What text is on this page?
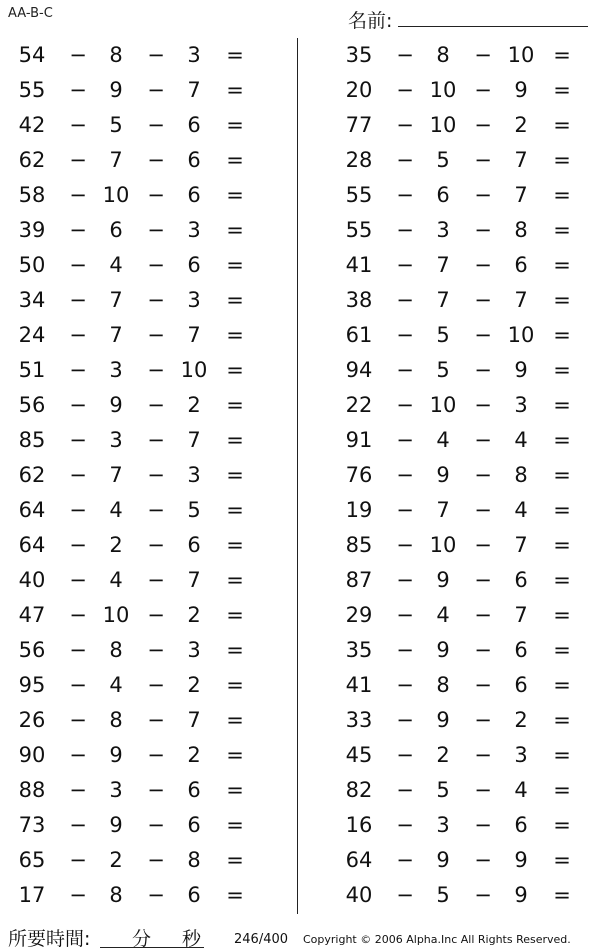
AA-B-C	名前:
54	−	8	−	3	=
55	−	9	−	7	=
42	−	5	−	6	=
62	−	7	−	6	=
58	− 10 −	6	=
39	−	6	−	3	=
50	−	4	−	6	=
34	−	7	−	3	=
24	−	7	−	7	=
51	−	3	− 10 =
56	−	9	−	2	=
85	−	3	−	7	=
62	−	7	−	3	=
64	−	4	−	5	=
64	−	2	−	6	=
40	−	4	−	7	=
47	− 10 −	2	=
56	−	8	−	3	=
95	−	4	−	2	=
26	−	8	−	7	=
90	−	9	−	2	=
88	−	3	−	6	=
73	−	9	−	6	=
65	−	2	−	8	=
17	−	8	−	6	=
35	−	8	− 10 =
20	− 10 −	9	=
77	− 10 −	2	=
28	−	5	−	7	=
55	−	6	−	7	=
55	−	3	−	8	=
41	−	7	−	6	=
38	−	7	−	7	=
61	−	5	− 10 =
94	−	5	−	9	=
22	− 10 −	3	=
91	−	4	−	4	=
76	−	9	−	8	=
19	−	7	−	4	=
85	− 10 −	7	=
87	−	9	−	6	=
29	−	4	−	7	=
35	−	9	−	6	=
41	−	8	−	6	=
33	−	9	−	2	=
45	−	2	−	3	=
82	−	5	−	4	=
16	−	3	−	6	=
64	−	9	−	9	=
40	−	5	−	9	=
所要時間: 分 秒	246/400 Copyright © 2006 Alpha.Inc All Rights Reserved.
